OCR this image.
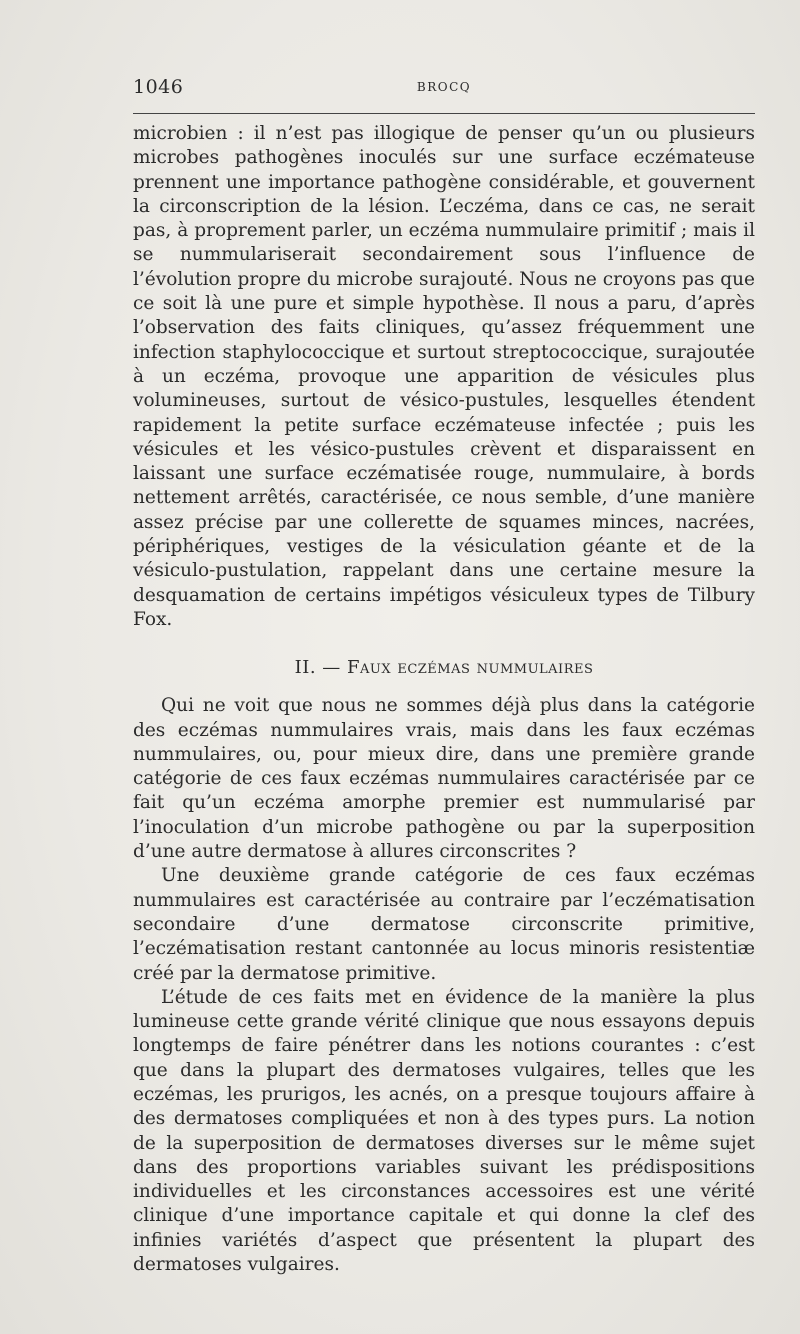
1046	BROCQ

microbien : il n’est pas illogique de penser qu’un ou plusieurs microbes pathogènes inoculés sur une surface eczémateuse prennent une importance pathogène considérable, et gouvernent la circonscription de la lésion. L’eczéma, dans ce cas, ne serait pas, à proprement parler, un eczéma nummulaire primitif ; mais il se nummulariserait secondairement sous l’influence de l’évolution propre du microbe surajouté. Nous ne croyons pas que ce soit là une pure et simple hypothèse. Il nous a paru, d’après l’observation des faits cliniques, qu’assez fréquemment une infection staphylococcique et surtout streptococcique, surajoutée à un eczéma, provoque une apparition de vésicules plus volumineuses, surtout de vésico-pustules, lesquelles étendent rapidement la petite surface eczémateuse infectée ; puis les vésicules et les vésico-pustules crèvent et disparaissent en laissant une surface eczématisée rouge, nummulaire, à bords nettement arrêtés, caractérisée, ce nous semble, d’une manière assez précise par une collerette de squames minces, nacrées, périphériques, vestiges de la vésiculation géante et de la vésiculo-pustulation, rappelant dans une certaine mesure la desquamation de certains impétigos vésiculeux types de Tilbury Fox.

II. — Faux eczémas nummulaires

Qui ne voit que nous ne sommes déjà plus dans la catégorie des eczémas nummulaires vrais, mais dans les faux eczémas nummulaires, ou, pour mieux dire, dans une première grande catégorie de ces faux eczémas nummulaires caractérisée par ce fait qu’un eczéma amorphe premier est nummularisé par l’inoculation d’un microbe pathogène ou par la superposition d’une autre dermatose à allures circonscrites ?

Une deuxième grande catégorie de ces faux eczémas nummulaires est caractérisée au contraire par l’eczématisation secondaire d’une dermatose circonscrite primitive, l’eczématisation restant cantonnée au locus minoris resistentiæ créé par la dermatose primitive.

L’étude de ces faits met en évidence de la manière la plus lumineuse cette grande vérité clinique que nous essayons depuis longtemps de faire pénétrer dans les notions courantes : c’est que dans la plupart des dermatoses vulgaires, telles que les eczémas, les prurigos, les acnés, on a presque toujours affaire à des dermatoses compliquées et non à des types purs. La notion de la superposition de dermatoses diverses sur le même sujet dans des proportions variables suivant les prédispositions individuelles et les circonstances accessoires est une vérité clinique d’une importance capitale et qui donne la clef des infinies variétés d’aspect que présentent la plupart des dermatoses vulgaires.
